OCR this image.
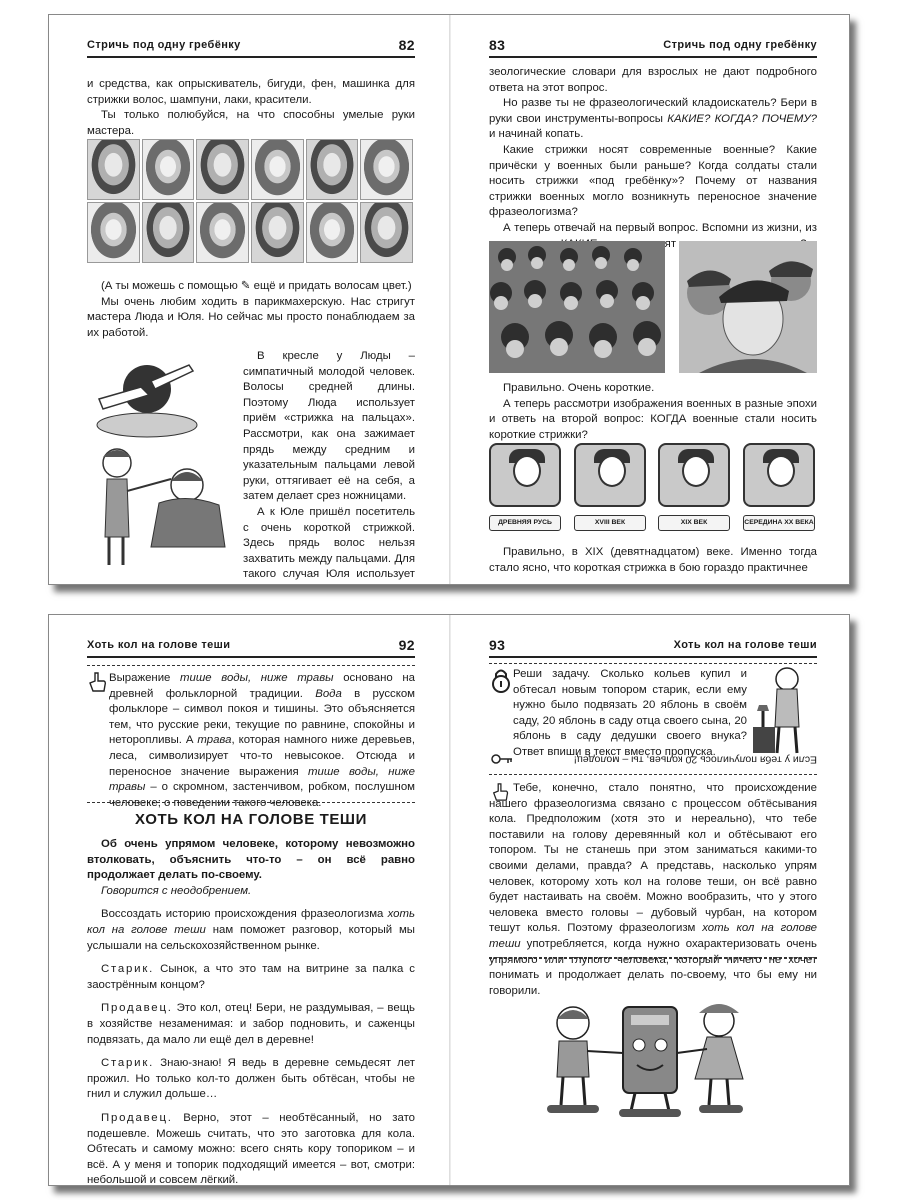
Стричь под одну гребёнку	82

и средства, как опрыскиватель, бигуди, фен, машинка для стрижки волос, шампуни, лаки, красители.

Ты только полюбуйся, на что способны умелые руки мастера.

(А ты можешь с помощью ✎ ещё и придать волосам цвет.)

Мы очень любим ходить в парикмахерскую. Нас стригут мастера Люда и Юля. Но сейчас мы просто понаблюдаем за их работой.

В кресле у Люды – симпатичный молодой человек. Волосы средней длины. Поэтому Люда использует приём «стрижка на пальцах». Рассмотри, как она зажимает прядь между средним и указательным пальцами левой руки, оттягивает её на себя, а затем делает срез ножницами.

А к Юле пришёл посетитель с очень короткой стрижкой. Здесь прядь волос нельзя захватить между пальцами. Для такого случая Юля использует

83	Стричь под одну гребёнку

зеологические словари для взрослых не дают подробного ответа на этот вопрос.

Но разве ты не фразеологический кладоискатель? Бери в руки свои инструменты-вопросы КАКИЕ? КОГДА? ПОЧЕМУ? и начинай копать.

Какие стрижки носят современные военные? Какие причёски у военных были раньше? Когда солдаты стали носить стрижки «под гребёнку»? Почему от названия стрижки военных могло возникнуть переносное значение фразеологизма?

А теперь отвечай на первый вопрос. Вспомни из жизни, из

Правильно. Очень короткие.

А теперь рассмотри изображения военных в разные эпохи и ответь на второй вопрос: КОГДА военные стали носить короткие стрижки?

ДРЕВНЯЯ РУСЬ	XVIII ВЕК	XIX ВЕК	СЕРЕДИНА XX ВЕКА

Правильно, в XIX (девятнадцатом) веке. Именно тогда стало ясно, что короткая стрижка в бою гораздо практичнее

Хоть кол на голове теши	92

Выражение тише воды, ниже травы основано на древней фольклорной традиции. Вода в русском фольклоре – символ покоя и тишины. Это объясняется тем, что русские реки, текущие по равнине, спокойны и неторопливы. А трава, которая намного ниже деревьев, леса, символизирует что-то невысокое. Отсюда и переносное значение выражения тише воды, ниже травы – о скромном, застенчивом, робком, послушном человеке; о поведении такого человека.

ХОТЬ КОЛ НА ГОЛОВЕ ТЕШИ

Об очень упрямом человеке, которому невозможно втолковать, объяснить что-то – он всё равно продолжает делать по-своему.

Говорится с неодобрением.

Воссоздать историю происхождения фразеологизма хоть кол на голове теши нам поможет разговор, который мы услышали на сельскохозяйственном рынке.

Старик. Сынок, а что это там на витрине за палка с заострённым концом?

Продавец. Это кол, отец! Бери, не раздумывая, – вещь в хозяйстве незаменимая: и забор подновить, и саженцы подвязать, да мало ли ещё дел в деревне!

Старик. Знаю-знаю! Я ведь в деревне семьдесят лет прожил. Но только кол-то должен быть обтёсан, чтобы не гнил и служил дольше…

Продавец. Верно, этот – необтёсанный, но зато подешевле. Можешь считать, что это заготовка для кола. Обтесать и самому можно: всего снять кору топориком – и всё. А у меня и топорик подходящий имеется – вот, смотри: небольшой и совсем лёгкий.

93	Хоть кол на голове теши

Реши задачу. Сколько кольев купил и обтесал новым топором старик, если ему нужно было подвязать 20 яблонь в своём саду, 20 яблонь в саду отца своего сына, 20 яблонь в саду дедушки своего внука? Ответ впиши в текст вместо пропуска.

Если у тебя получилось 20 кольев, ты – молодец!

Тебе, конечно, стало понятно, что происхождение нашего фразеологизма связано с процессом обтёсывания кола. Предположим (хотя это и нереально), что тебе поставили на голову деревянный кол и обтёсывают его топором. Ты не станешь при этом заниматься какими-то своими делами, правда? А представь, насколько упрям человек, которому хоть кол на голове теши, он всё равно будет настаивать на своём. Можно вообразить, что у этого человека вместо головы – дубовый чурбан, на котором тешут колья. Поэтому фразеологизм хоть кол на голове теши употребляется, когда нужно охарактеризовать очень упрямого или глупого человека, который ничего не хочет понимать и продолжает делать по-своему, что бы ему ни говорили.
